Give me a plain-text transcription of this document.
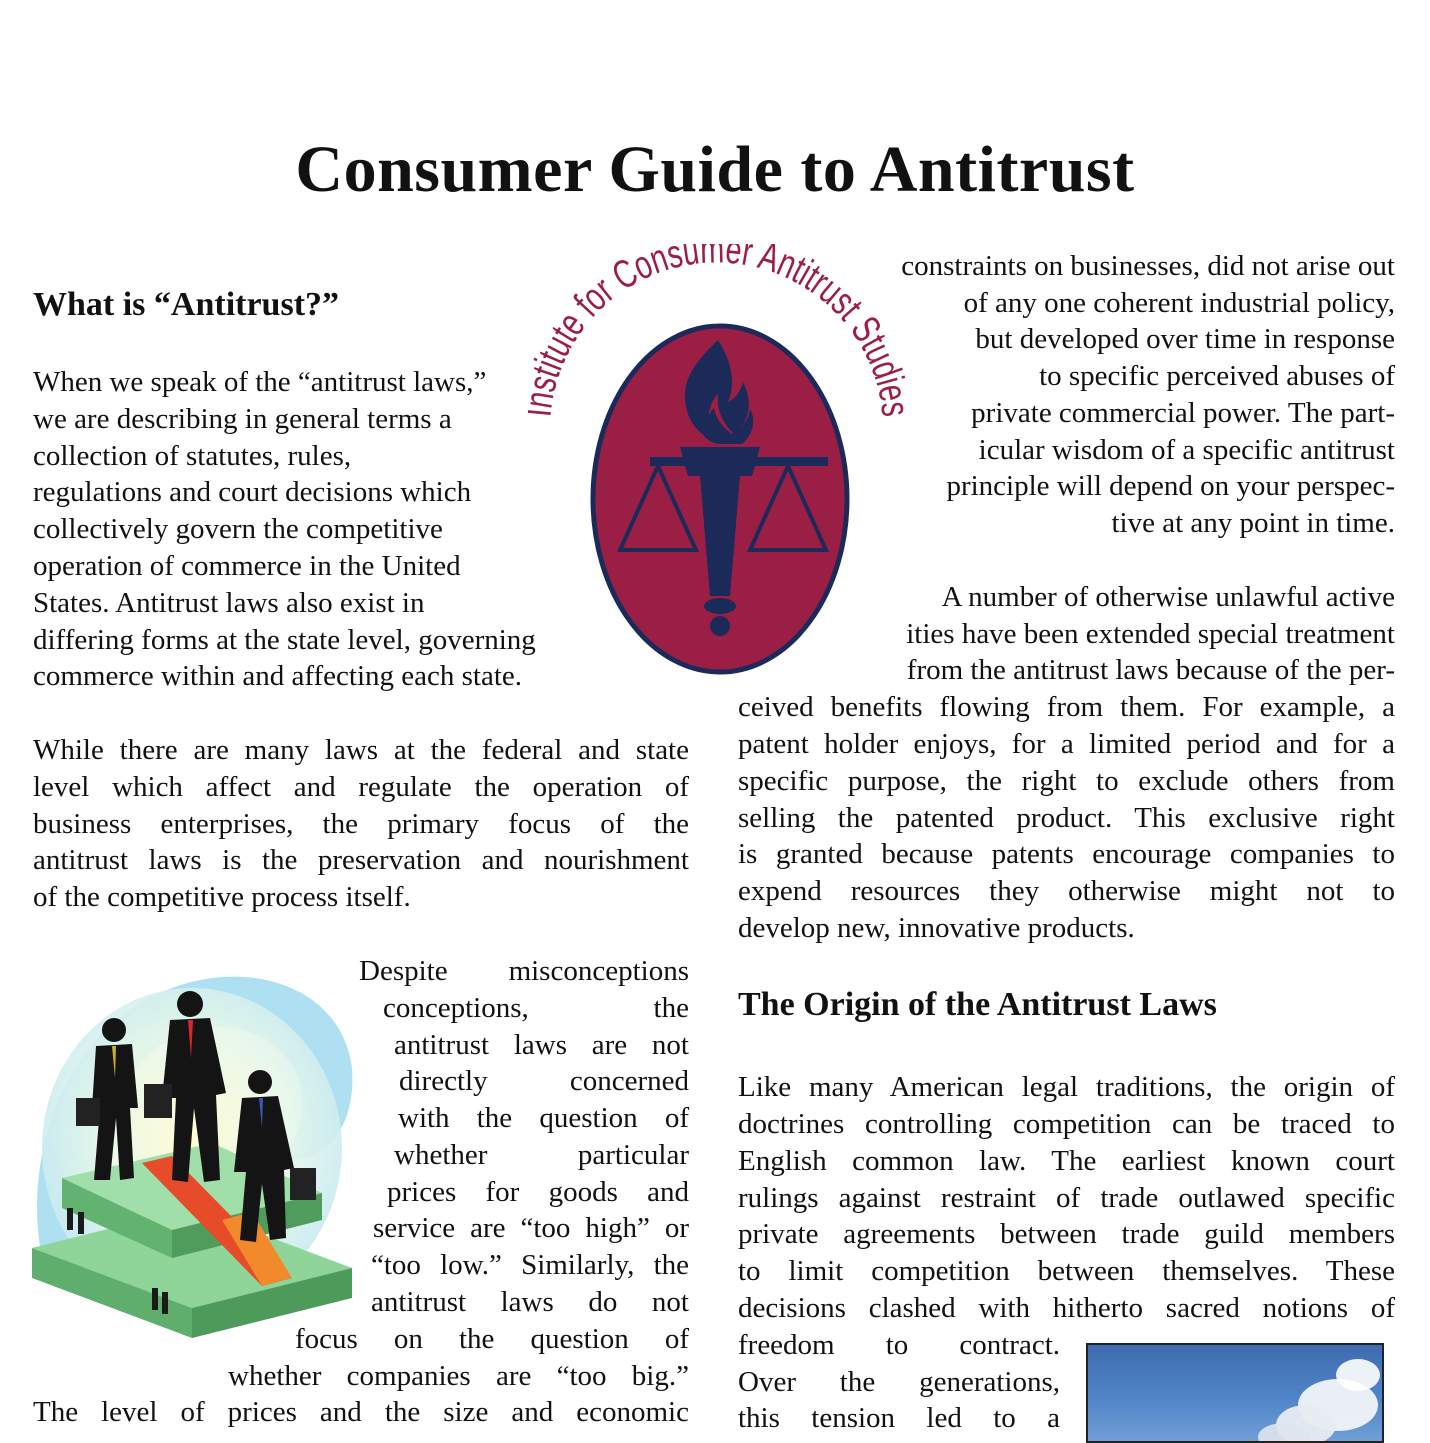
Consumer Guide to Antitrust
What is “Antitrust?”
When we speak of the “antitrust laws,”
we are describing in general terms a
collection of statutes, rules,
regulations and court decisions which
collectively govern the competitive
operation of commerce in the United
States. Antitrust laws also exist in
differing forms at the state level, governing
commerce within and affecting each state.
While there are many laws at the federal and state
level which affect and regulate the operation of
business enterprises, the primary focus of the
antitrust laws is the preservation and nourishment
of the competitive process itself.
Despite misconceptions
conceptions, the
antitrust laws are not
directly concerned
with the question of
whether particular
prices for goods and
service are “too high” or
“too low.” Similarly, the
antitrust laws do not
focus on the question of
whether companies are “too big.”
The level of prices and the size and economic
constraints on businesses, did not arise out
of any one coherent industrial policy,
but developed over time in response
to specific perceived abuses of
private commercial power. The part-
icular wisdom of a specific antitrust
principle will depend on your perspec-
tive at any point in time.
A number of otherwise unlawful active
ities have been extended special treatment
from the antitrust laws because of the per-
ceived benefits flowing from them. For example, a
patent holder enjoys, for a limited period and for a
specific purpose, the right to exclude others from
selling the patented product. This exclusive right
is granted because patents encourage companies to
expend resources they otherwise might not to
develop new, innovative products.
The Origin of the Antitrust Laws
Like many American legal traditions, the origin of
doctrines controlling competition can be traced to
English common law. The earliest known court
rulings against restraint of trade outlawed specific
private agreements between trade guild members
to limit competition between themselves. These
decisions clashed with hitherto sacred notions of
freedom to contract.
Over the generations,
this tension led to a
titute for Consumer Antitrust Studie
